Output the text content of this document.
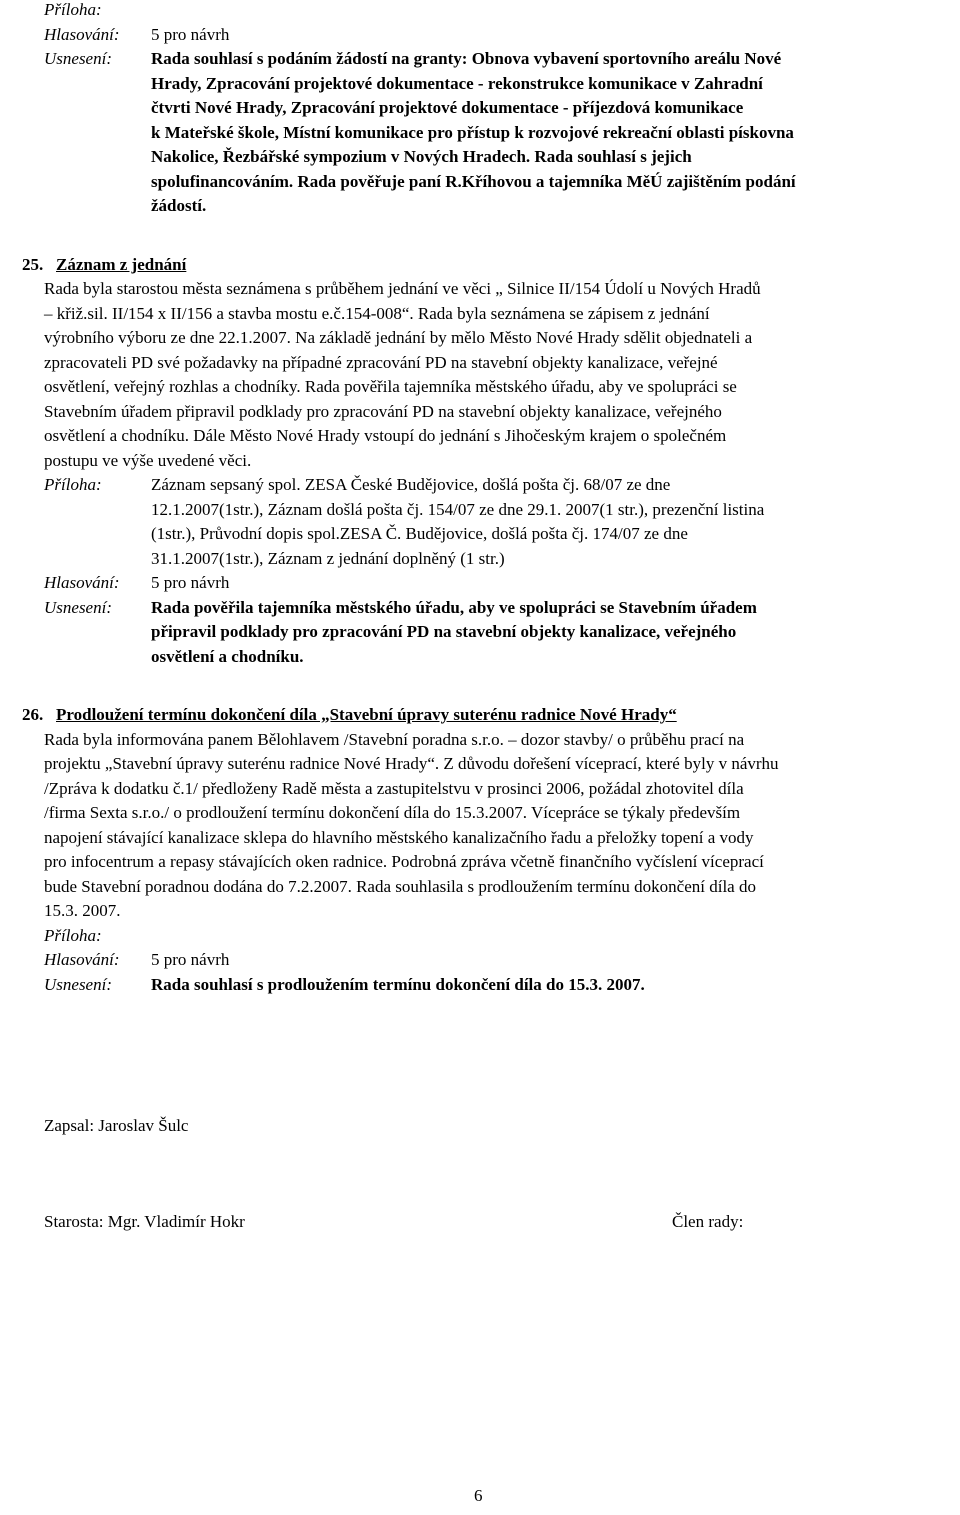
Příloha:
Hlasování: 5 pro návrh
Usnesení:	Rada souhlasí s podáním žádostí na granty: Obnova vybavení sportovního areálu Nové
Hrady, Zpracování projektové dokumentace - rekonstrukce komunikace v Zahradní
čtvrti Nové Hrady, Zpracování projektové dokumentace - příjezdová komunikace
k Mateřské škole, Místní komunikace pro přístup k rozvojové rekreační oblasti pískovna
Nakolice, Řezbářské sympozium v Nových Hradech. Rada souhlasí s jejich
spolufinancováním. Rada pověřuje paní R.Kříhovou a tajemníka MěÚ zajištěním podání
žádostí.
25. Záznam z jednání
Rada byla starostou města seznámena s průběhem jednání ve věci „ Silnice II/154 Údolí u Nových Hradů
– křiž.sil. II/154 x II/156 a stavba mostu e.č.154-008“. Rada byla seznámena se zápisem z jednání
výrobního výboru ze dne 22.1.2007. Na základě jednání by mělo Město Nové Hrady sdělit objednateli a
zpracovateli PD své požadavky na případné zpracování PD na stavební objekty kanalizace, veřejné
osvětlení, veřejný rozhlas a chodníky. Rada pověřila tajemníka městského úřadu, aby ve spolupráci se
Stavebním úřadem připravil podklady pro zpracování PD na stavební objekty kanalizace, veřejného
osvětlení a chodníku. Dále Město Nové Hrady vstoupí do jednání s Jihočeským krajem o společném
postupu ve výše uvedené věci.
Příloha:	Záznam sepsaný spol. ZESA České Budějovice, došlá pošta čj. 68/07 ze dne
12.1.2007(1str.), Záznam došlá pošta čj. 154/07 ze dne 29.1. 2007(1 str.), prezenční listina
(1str.), Průvodní dopis spol.ZESA Č. Budějovice, došlá pošta čj. 174/07 ze dne
31.1.2007(1str.), Záznam z jednání doplněný (1 str.)
Hlasování: 5 pro návrh
Usnesení:	Rada pověřila tajemníka městského úřadu, aby ve spolupráci se Stavebním úřadem
připravil podklady pro zpracování PD na stavební objekty kanalizace, veřejného
osvětlení a chodníku.
26. Prodloužení termínu dokončení díla „Stavební úpravy suterénu radnice Nové Hrady“
Rada byla informována panem Bělohlavem /Stavební poradna s.r.o. – dozor stavby/ o průběhu prací na
projektu „Stavební úpravy suterénu radnice Nové Hrady“. Z důvodu dořešení víceprací, které byly v návrhu
/Zpráva k dodatku č.1/ předloženy Radě města a zastupitelstvu v prosinci 2006, požádal zhotovitel díla
/firma Sexta s.r.o./ o prodloužení termínu dokončení díla do 15.3.2007. Vícepráce se týkaly především
napojení stávající kanalizace sklepa do hlavního městského kanalizačního řadu a přeložky topení a vody
pro infocentrum a repasy stávajících oken radnice. Podrobná zpráva včetně finančního vyčíslení víceprací
bude Stavební poradnou dodána do 7.2.2007. Rada souhlasila s prodloužením termínu dokončení díla do
15.3. 2007.
Příloha:
Hlasování: 5 pro návrh
Usnesení: Rada souhlasí s prodloužením termínu dokončení díla do 15.3. 2007.
Zapsal: Jaroslav Šulc
Starosta: Mgr. Vladimír Hokr	Člen rady:
6
